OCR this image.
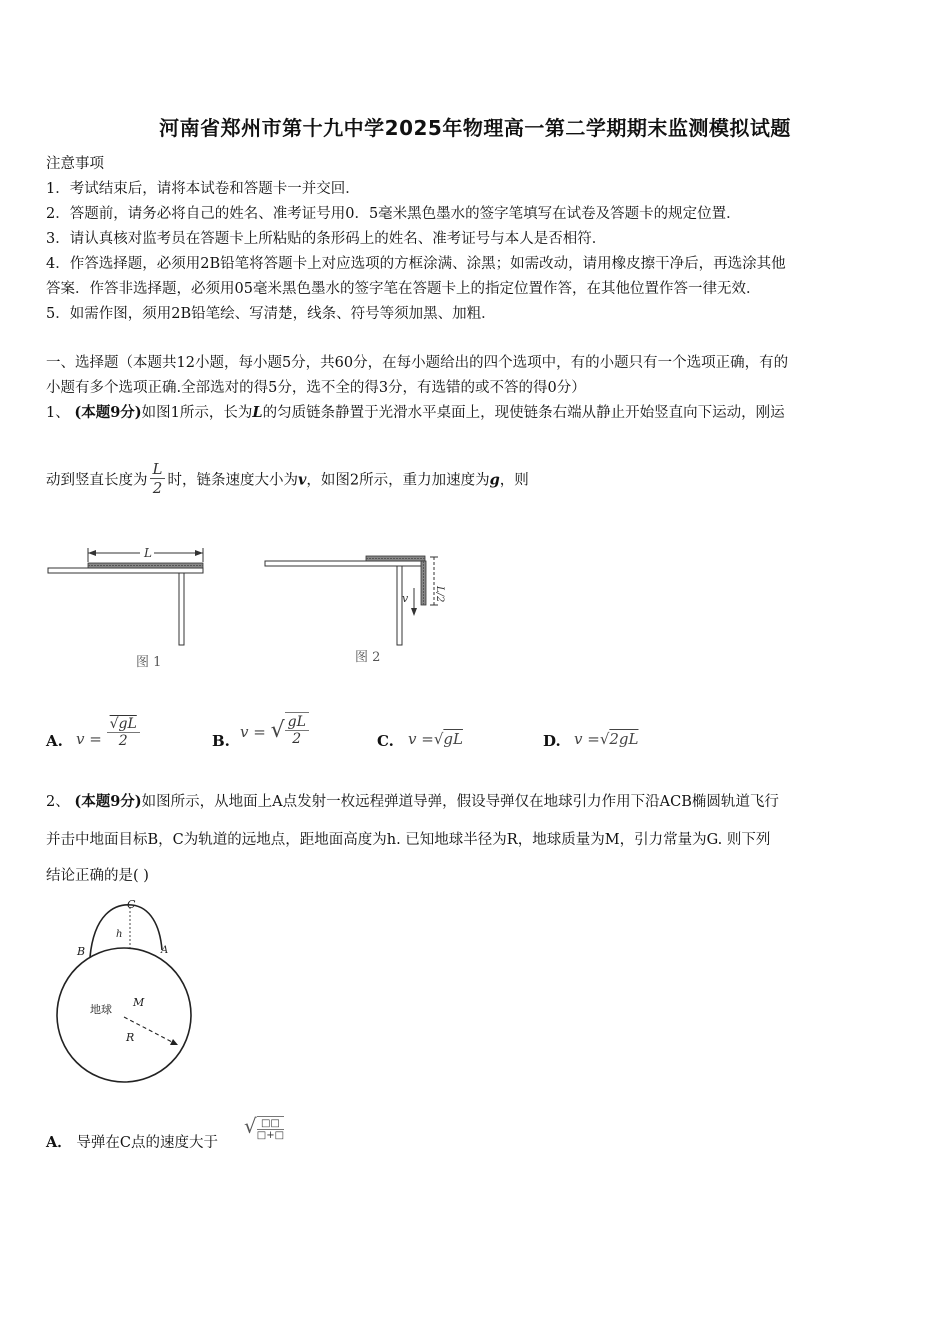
河南省郑州市第十九中学2025年物理高一第二学期期末监测模拟试题
注意事项
1．考试结束后，请将本试卷和答题卡一并交回．
2．答题前，请务必将自己的姓名、准考证号用0．5毫米黑色墨水的签字笔填写在试卷及答题卡的规定位置．
3．请认真核对监考员在答题卡上所粘贴的条形码上的姓名、准考证号与本人是否相符．
4．作答选择题，必须用2B铅笔将答题卡上对应选项的方框涂满、涂黑；如需改动，请用橡皮擦干净后，再选涂其他
答案．作答非选择题，必须用05毫米黑色墨水的签字笔在答题卡上的指定位置作答，在其他位置作答一律无效．
5．如需作图，须用2B铅笔绘、写清楚，线条、符号等须加黑、加粗．
一、选择题（本题共12小题，每小题5分，共60分，在每小题给出的四个选项中，有的小题只有一个选项正确，有的
小题有多个选项正确.全部选对的得5分，选不全的得3分，有选错的或不答的得0分）
1、 (本题9分)如图1所示，长为L的匀质链条静置于光滑水平桌面上，现使链条右端从静止开始竖直向下运动，刚运
动到竖直长度为 $\frac{L}{2}$ 时，链条速度大小为v，如图2所示，重力加速度为g，则
L
图 1
v	L/2
图 2
A. $v = \frac{√gL}{2}$	B.
v = √ $\frac{gL}{2}$	C. v =√gL	D. v =√2gL
2、 (本题9分)如图所示，从地面上A点发射一枚远程弹道导弹，假设导弹仅在地球引力作用下沿ACB椭圆轨道飞行
并击中地面目标B，C为轨道的远地点，距地面高度为h. 已知地球半径为R，地球质量为M，引力常量为G. 则下列
结论正确的是( )
C
h
B	A
地球
M
R
A． 导弹在C点的速度大于
√ $\frac{□□}{□+□}$
